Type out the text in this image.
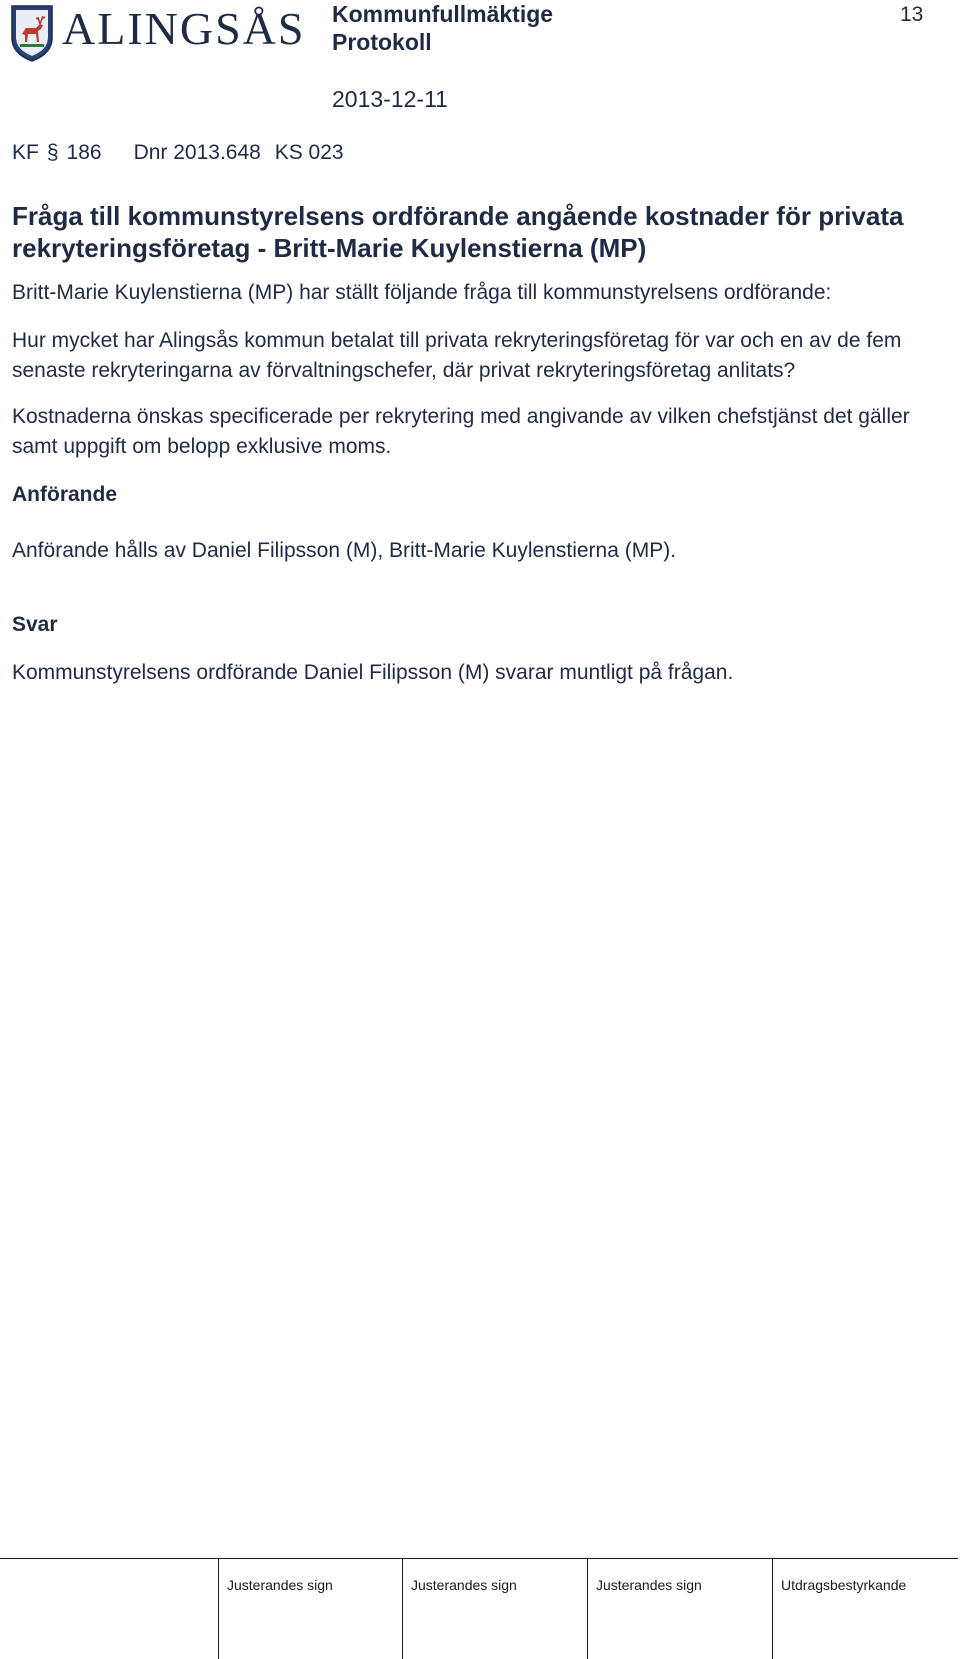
ALINGSÅS Kommunfullmäktige
Protokoll
13
2013-12-11
KF § 186 Dnr 2013.648 KS 023
Fråga till kommunstyrelsens ordförande angående kostnader för privata rekryteringsföretag - Britt-Marie Kuylenstierna (MP)

Britt-Marie Kuylenstierna (MP) har ställt följande fråga till kommunstyrelsens ordförande:

Hur mycket har Alingsås kommun betalat till privata rekryteringsföretag för var och en av de fem senaste rekryteringarna av förvaltningschefer, där privat rekryteringsföretag anlitats?

Kostnaderna önskas specificerade per rekrytering med angivande av vilken chefstjänst det gäller samt uppgift om belopp exklusive moms.

Anförande

Anförande hålls av Daniel Filipsson (M), Britt-Marie Kuylenstierna (MP).

Svar

Kommunstyrelsens ordförande Daniel Filipsson (M) svarar muntligt på frågan.

Justerandes sign	Justerandes sign	Justerandes sign	Utdragsbestyrkande
